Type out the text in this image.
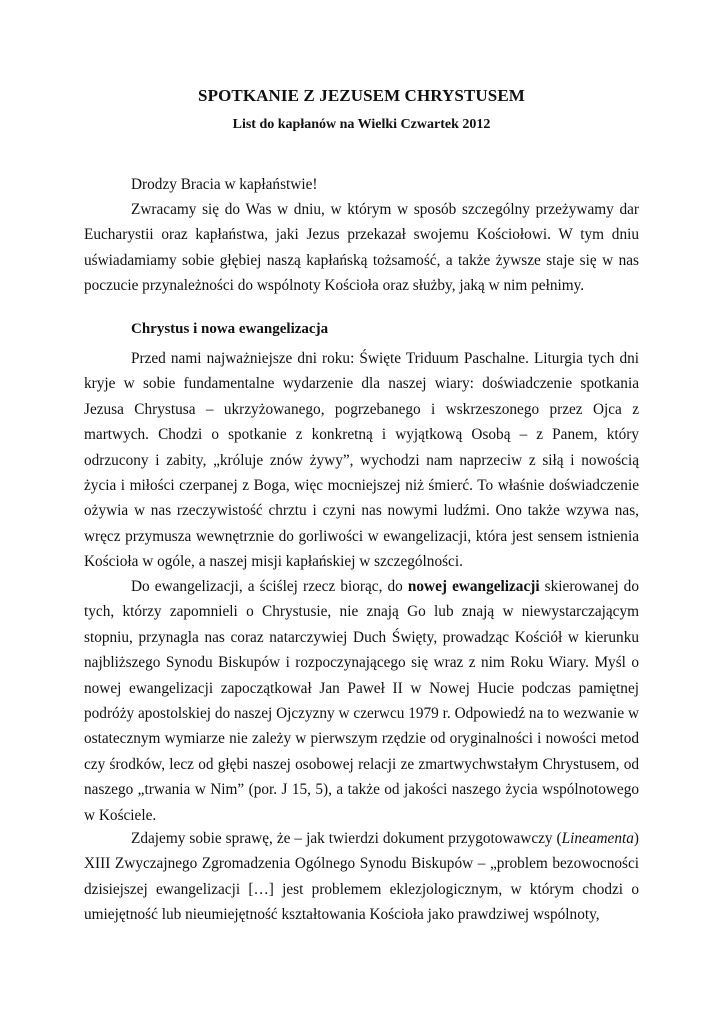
SPOTKANIE Z JEZUSEM CHRYSTUSEM
List do kapłanów na Wielki Czwartek 2012

Drodzy Bracia w kapłaństwie!

Zwracamy się do Was w dniu, w którym w sposób szczególny przeżywamy dar Eucharystii oraz kapłaństwa, jaki Jezus przekazał swojemu Kościołowi. W tym dniu uświadamiamy sobie głębiej naszą kapłańską tożsamość, a także żywsze staje się w nas poczucie przynależności do wspólnoty Kościoła oraz służby, jaką w nim pełnimy.

Chrystus i nowa ewangelizacja

Przed nami najważniejsze dni roku: Święte Triduum Paschalne. Liturgia tych dni kryje w sobie fundamentalne wydarzenie dla naszej wiary: doświadczenie spotkania Jezusa Chrystusa – ukrzyżowanego, pogrzebanego i wskrzeszonego przez Ojca z martwych. Chodzi o spotkanie z konkretną i wyjątkową Osobą – z Panem, który odrzucony i zabity, „króluje znów żywy”, wychodzi nam naprzeciw z siłą i nowością życia i miłości czerpanej z Boga, więc mocniejszej niż śmierć. To właśnie doświadczenie ożywia w nas rzeczywistość chrztu i czyni nas nowymi ludźmi. Ono także wzywa nas, wręcz przymusza wewnętrznie do gorliwości w ewangelizacji, która jest sensem istnienia Kościoła w ogóle, a naszej misji kapłańskiej w szczególności.

Do ewangelizacji, a ściślej rzecz biorąc, do nowej ewangelizacji skierowanej do tych, którzy zapomnieli o Chrystusie, nie znają Go lub znają w niewystarczającym stopniu, przynagla nas coraz natarczywiej Duch Święty, prowadząc Kościół w kierunku najbliższego Synodu Biskupów i rozpoczynającego się wraz z nim Roku Wiary. Myśl o nowej ewangelizacji zapoczątkował Jan Paweł II w Nowej Hucie podczas pamiętnej podróży apostolskiej do naszej Ojczyzny w czerwcu 1979 r. Odpowiedź na to wezwanie w ostatecznym wymiarze nie zależy w pierwszym rzędzie od oryginalności i nowości metod czy środków, lecz od głębi naszej osobowej relacji ze zmartwychwstałym Chrystusem, od naszego „trwania w Nim” (por. J 15, 5), a także od jakości naszego życia wspólnotowego w Kościele.

Zdajemy sobie sprawę, że – jak twierdzi dokument przygotowawczy (Lineamenta) XIII Zwyczajnego Zgromadzenia Ogólnego Synodu Biskupów – „problem bezowocności dzisiejszej ewangelizacji […] jest problemem eklezjologicznym, w którym chodzi o umiejętność lub nieumiejętność kształtowania Kościoła jako prawdziwej wspólnoty,
